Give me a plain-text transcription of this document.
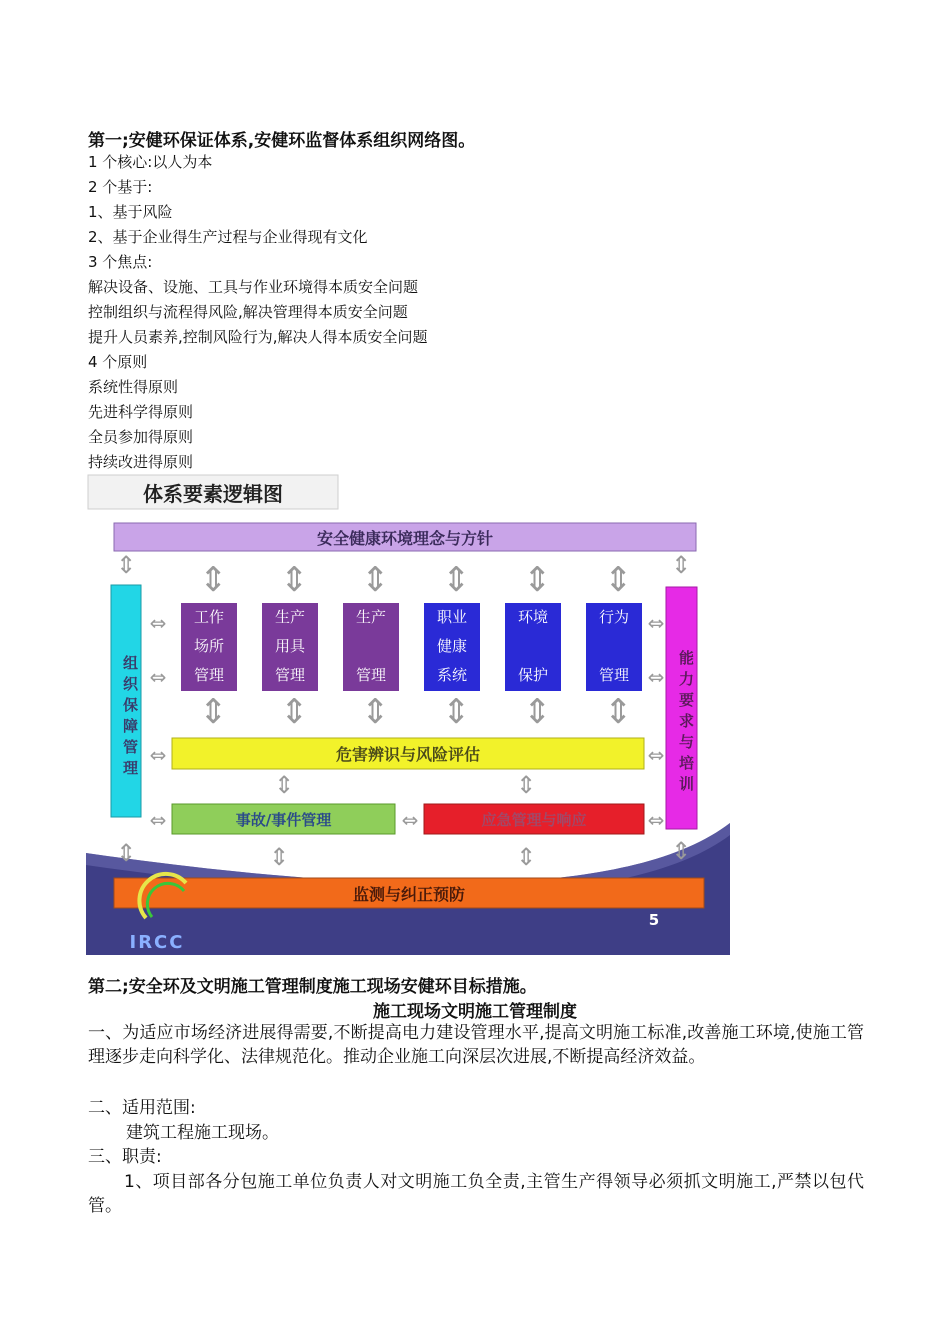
第一;安健环保证体系,安健环监督体系组织网络图。
1 个核心:以人为本
2 个基于:
1、基于风险
2、基于企业得生产过程与企业得现有文化
3 个焦点:
解决设备、设施、工具与作业环境得本质安全问题
控制组织与流程得风险,解决管理得本质安全问题
提升人员素养,控制风险行为,解决人得本质安全问题
4 个原则
系统性得原则
先进科学得原则
全员参加得原则
持续改进得原则
体系要素逻辑图
安全健康环境理念与方针
组织保障管理	能力要求与培训
工作
场所
管理
生产
用具
管理
生产

管理
职业
健康
系统
环境

保护
行为

管理
危害辨识与风险评估
事故/事件管理	应急管理与响应
监测与纠正预防
⇕ ⇕ ⇕ ⇕ ⇕ ⇕ ⇕ ⇕
⇕ ⇕ ⇕ ⇕ ⇕ ⇕
⇕	⇕
⇕	⇕	⇕	⇕
⇔
⇔
⇔
⇔	⇔
⇔
⇔
⇔
⇔
IRCC
5
第二;安全环及文明施工管理制度施工现场安健环目标措施。
施工现场文明施工管理制度
一、为适应市场经济进展得需要,不断提高电力建设管理水平,提高文明施工标准,改善施工环境,使施工管理逐步走向科学化、法律规范化。推动企业施工向深层次进展,不断提高经济效益。
二、适用范围:
建筑工程施工现场。
三、职责:
1、项目部各分包施工单位负责人对文明施工负全责,主管生产得领导必须抓文明施工,严禁以包代管。
